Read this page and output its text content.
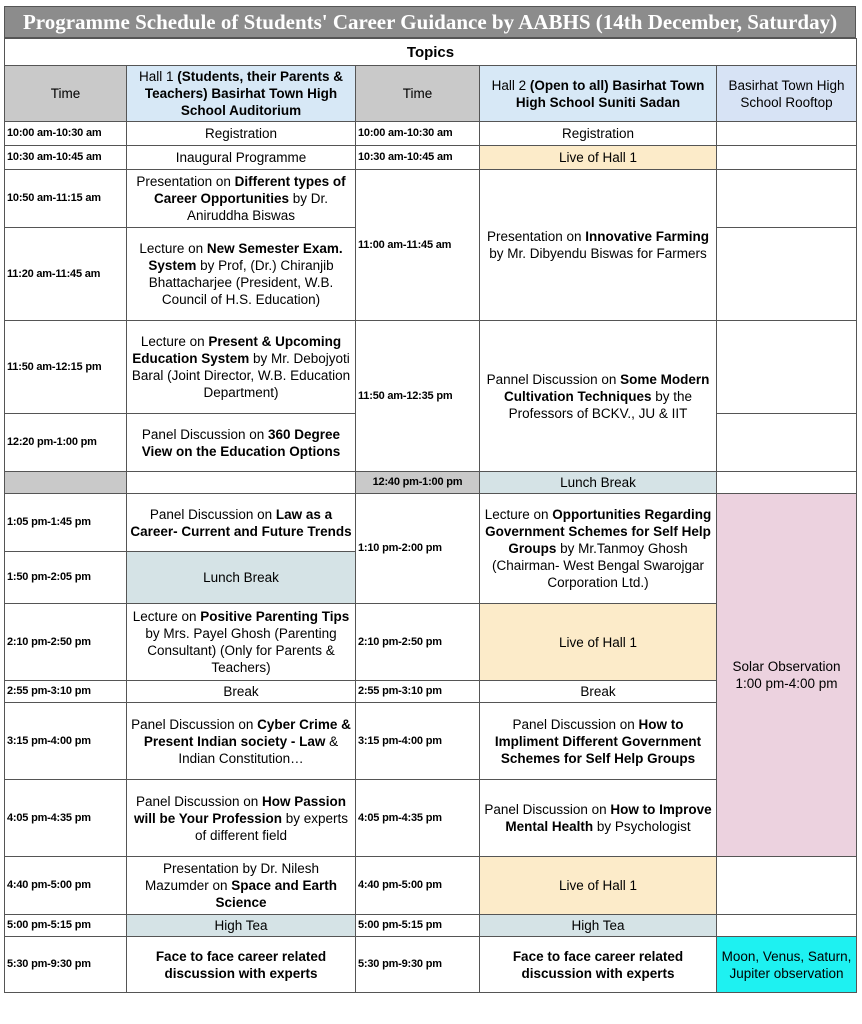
Programme Schedule of Students' Career Guidance by AABHS (14th December, Saturday)
Topics					
Time	Hall 1 (Students, their Parents & Teachers) Basirhat Town High School Auditorium	Time	Hall 2 (Open to all) Basirhat Town High School Suniti Sadan	Basirhat Town High School Rooftop	
10:00 am-10:30 am	Registration	10:00 am-10:30 am	Registration		
10:30 am-10:45 am	Inaugural Programme	10:30 am-10:45 am	Live of Hall 1		
10:50 am-11:15 am	Presentation on Different types of Career Opportunities by Dr. Aniruddha Biswas	11:00 am-11:45 am	Presentation on Innovative Farming by Mr. Dibyendu Biswas for Farmers		
11:20 am-11:45 am	Lecture on New Semester Exam. System by Prof, (Dr.) Chiranjib Bhattacharjee (President, W.B. Council of H.S. Education)				
11:50 am-12:15 pm	Lecture on Present & Upcoming Education System by Mr. Debojyoti Baral (Joint Director, W.B. Education Department)	11:50 am-12:35 pm	Pannel Discussion on Some Modern Cultivation Techniques by the Professors of BCKV., JU & IIT		
12:20 pm-1:00 pm	Panel Discussion on 360 Degree View on the Education Options				
		12:40 pm-1:00 pm	Lunch Break		
1:05 pm-1:45 pm	Panel Discussion on Law as a Career- Current and Future Trends	1:10 pm-2:00 pm	Lecture on Opportunities Regarding Government Schemes for Self Help Groups by Mr.Tanmoy Ghosh (Chairman- West Bengal Swarojgar Corporation Ltd.)	Solar Observation 1:00 pm-4:00 pm	
1:50 pm-2:05 pm	Lunch Break				
2:10 pm-2:50 pm	Lecture on Positive Parenting Tips by Mrs. Payel Ghosh (Parenting Consultant) (Only for Parents & Teachers)	2:10 pm-2:50 pm	Live of Hall 1		
2:55 pm-3:10 pm	Break	2:55 pm-3:10 pm	Break		
3:15 pm-4:00 pm	Panel Discussion on Cyber Crime & Present Indian society - Law & Indian Constitution…	3:15 pm-4:00 pm	Panel Discussion on How to Impliment Different Government Schemes for Self Help Groups		
4:05 pm-4:35 pm	Panel Discussion on How Passion will be Your Profession by experts of different field	4:05 pm-4:35 pm	Panel Discussion on How to Improve Mental Health by Psychologist		
4:40 pm-5:00 pm	Presentation by Dr. Nilesh Mazumder on Space and Earth Science	4:40 pm-5:00 pm	Live of Hall 1		
5:00 pm-5:15 pm	High Tea	5:00 pm-5:15 pm	High Tea		
5:30 pm-9:30 pm	Face to face career related discussion with experts	5:30 pm-9:30 pm	Face to face career related discussion with experts	Moon, Venus, Saturn, Jupiter observation	
